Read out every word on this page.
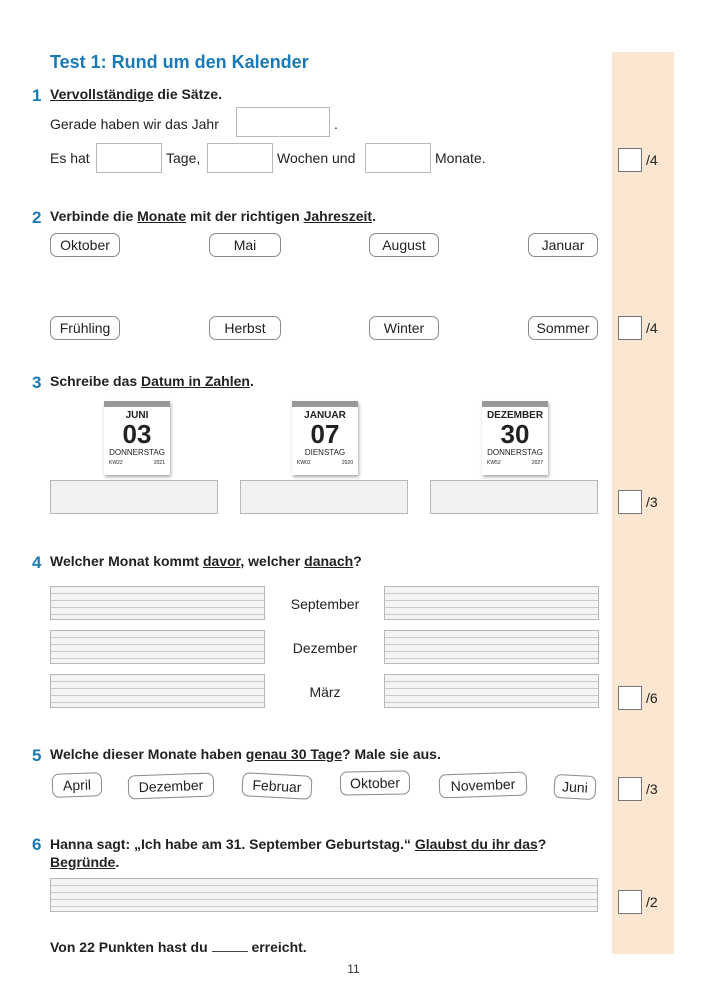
Test 1: Rund um den Kalender
1 Vervollständige die Sätze.
Gerade haben wir das Jahr	.
Es hat	Tage,	Wochen und	Monate.	/4
2 Verbinde die Monate mit der richtigen Jahreszeit.
Oktober	Mai	August	Januar
Frühling	Herbst	Winter	Sommer	/4
3 Schreibe das Datum in Zahlen.
JUNI
03
DONNERSTAG
KW22	2021
JANUAR
07
DIENSTAG
KW02	2020
DEZEMBER
30
DONNERSTAG
KW52	2027
/3
4 Welcher Monat kommt davor, welcher danach?
September
Dezember
März	/6
5 Welche dieser Monate haben genau 30 Tage? Male sie aus.
April	Dezember	Februar	Oktober	November	Juni	/3
6 Hanna sagt: „Ich habe am 31. September Geburtstag.“ Glaubst du ihr das?
Begründe.
/2
Von 22 Punkten hast du	erreicht.
11
